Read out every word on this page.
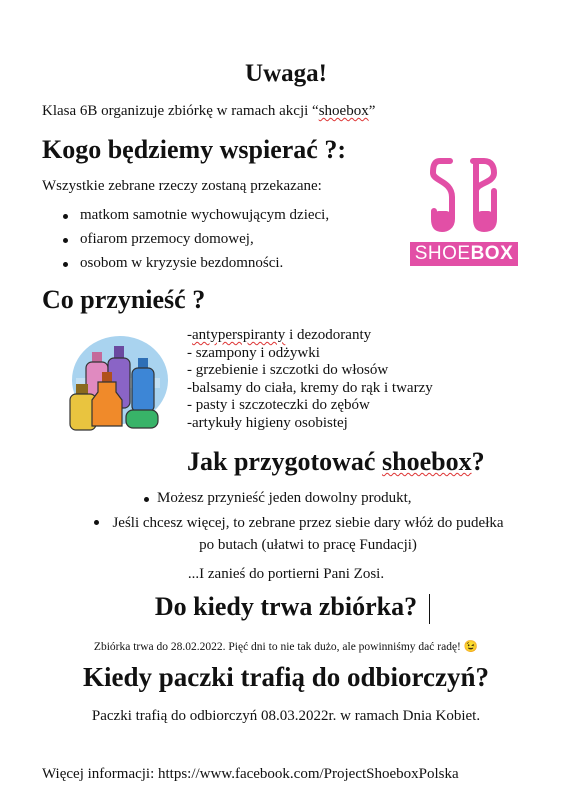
Uwaga!
Klasa 6B organizuje zbiórkę w ramach akcji “shoebox”
Kogo będziemy wspierać ?:
Wszystkie zebrane rzeczy zostaną przekazane:
matkom samotnie wychowującym dzieci,
ofiarom przemocy domowej,
osobom w kryzysie bezdomności.	SHOEBOX
Co przynieść ?
-antyperspiranty i dezodoranty
- szampony i odżywki
- grzebienie i szczotki do włosów
-balsamy do ciała, kremy do rąk i twarzy
- pasty i szczoteczki do zębów
-artykuły higieny osobistej
Jak przygotować shoebox?
Możesz przynieść jeden dowolny produkt,
Jeśli chcesz więcej, to zebrane przez siebie dary włóż do pudełka po butach (ułatwi to pracę Fundacji)
...I zanieś do portierni Pani Zosi.
Do kiedy trwa zbiórka?
Zbiórka trwa do 28.02.2022. Pięć dni to nie tak dużo, ale powinniśmy dać radę! 😉
Kiedy paczki trafią do odbiorczyń?
Paczki trafią do odbiorczyń 08.03.2022r. w ramach Dnia Kobiet.
Więcej informacji: https://www.facebook.com/ProjectShoeboxPolska
